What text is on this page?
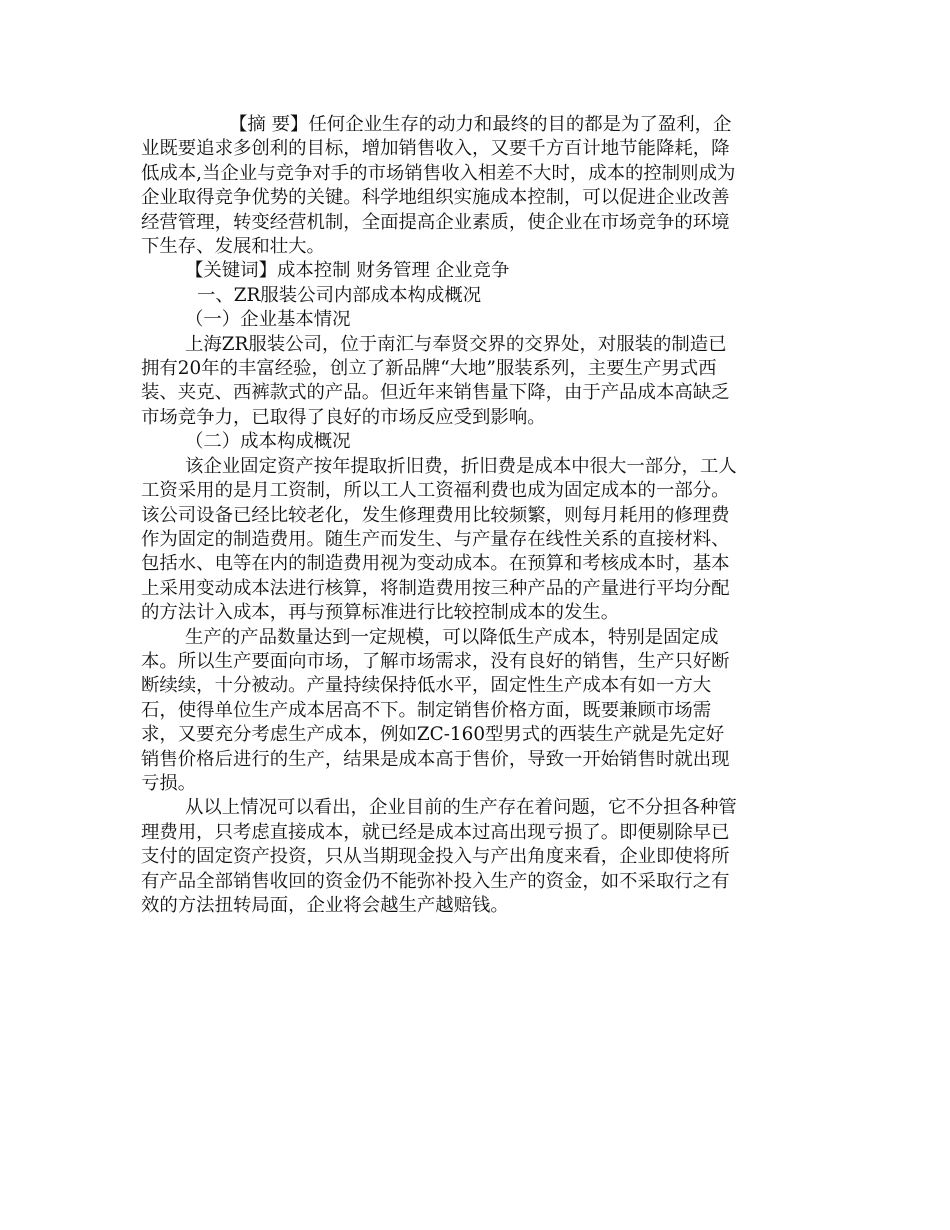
【摘 要】任何企业生存的动力和最终的目的都是为了盈利，企业既要追求多创利的目标，增加销售收入，又要千方百计地节能降耗，降低成本,当企业与竞争对手的市场销售收入相差不大时，成本的控制则成为企业取得竞争优势的关键。科学地组织实施成本控制，可以促进企业改善经营管理，转变经营机制，全面提高企业素质，使企业在市场竞争的环境下生存、发展和壮大。

【关键词】成本控制 财务管理 企业竞争

一、ZR服装公司内部成本构成概况

（一）企业基本情况

上海ZR服装公司，位于南汇与奉贤交界的交界处，对服装的制造已拥有20年的丰富经验，创立了新品牌“大地”服装系列，主要生产男式西装、夹克、西裤款式的产品。但近年来销售量下降，由于产品成本高缺乏市场竞争力，已取得了良好的市场反应受到影响。

（二）成本构成概况

该企业固定资产按年提取折旧费，折旧费是成本中很大一部分，工人工资采用的是月工资制，所以工人工资福利费也成为固定成本的一部分。该公司设备已经比较老化，发生修理费用比较频繁，则每月耗用的修理费作为固定的制造费用。随生产而发生、与产量存在线性关系的直接材料、包括水、电等在内的制造费用视为变动成本。在预算和考核成本时，基本上采用变动成本法进行核算，将制造费用按三种产品的产量进行平均分配的方法计入成本，再与预算标准进行比较控制成本的发生。

生产的产品数量达到一定规模，可以降低生产成本，特别是固定成本。所以生产要面向市场，了解市场需求，没有良好的销售，生产只好断断续续，十分被动。产量持续保持低水平，固定性生产成本有如一方大石，使得单位生产成本居高不下。制定销售价格方面，既要兼顾市场需求，又要充分考虑生产成本，例如ZC-160型男式的西装生产就是先定好销售价格后进行的生产，结果是成本高于售价，导致一开始销售时就出现亏损。

从以上情况可以看出，企业目前的生产存在着问题，它不分担各种管理费用，只考虑直接成本，就已经是成本过高出现亏损了。即便剔除早已支付的固定资产投资，只从当期现金投入与产出角度来看，企业即使将所有产品全部销售收回的资金仍不能弥补投入生产的资金，如不采取行之有效的方法扭转局面，企业将会越生产越赔钱。
